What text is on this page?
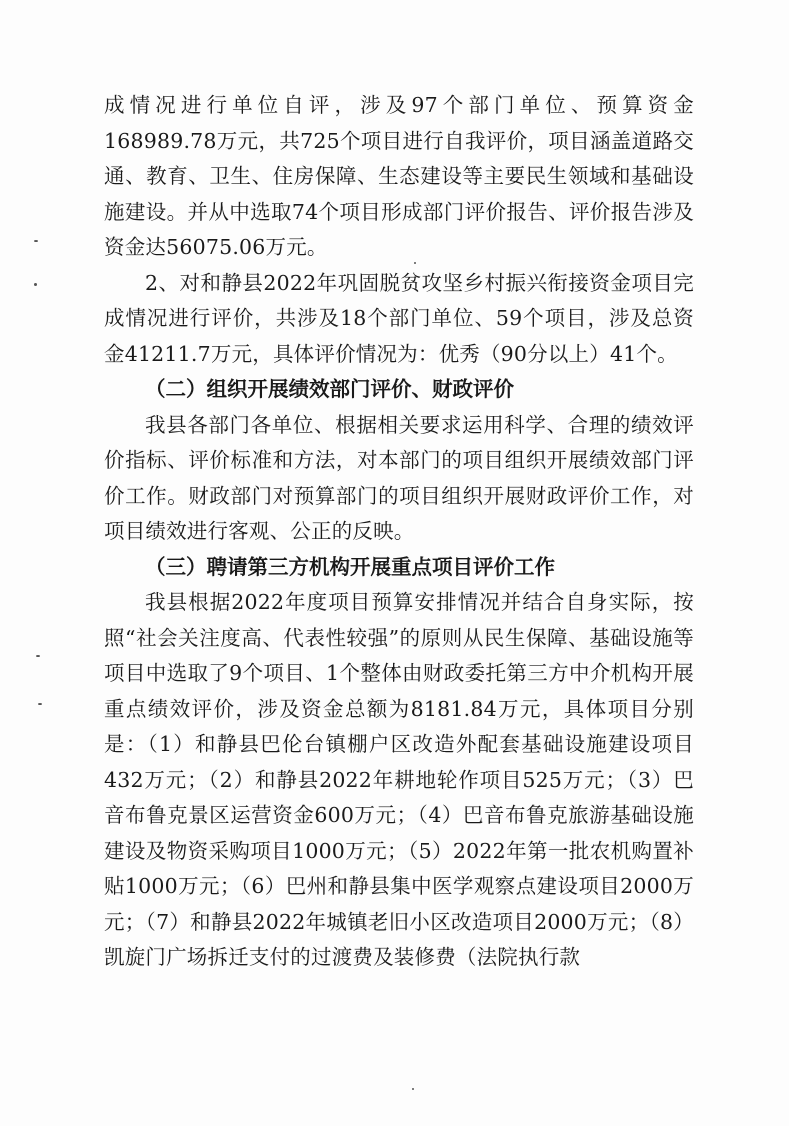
成情况进行单位自评，涉及97个部门单位、预算资金168989.78万元，共725个项目进行自我评价，项目涵盖道路交通、教育、卫生、住房保障、生态建设等主要民生领域和基础设施建设。并从中选取74个项目形成部门评价报告、评价报告涉及资金达56075.06万元。

2、对和静县2022年巩固脱贫攻坚乡村振兴衔接资金项目完成情况进行评价，共涉及18个部门单位、59个项目，涉及总资金41211.7万元，具体评价情况为：优秀（90分以上）41个。

（二）组织开展绩效部门评价、财政评价

我县各部门各单位、根据相关要求运用科学、合理的绩效评价指标、评价标准和方法，对本部门的项目组织开展绩效部门评价工作。财政部门对预算部门的项目组织开展财政评价工作，对项目绩效进行客观、公正的反映。

（三）聘请第三方机构开展重点项目评价工作

我县根据2022年度项目预算安排情况并结合自身实际，按照“社会关注度高、代表性较强”的原则从民生保障、基础设施等项目中选取了9个项目、1个整体由财政委托第三方中介机构开展重点绩效评价，涉及资金总额为8181.84万元，具体项目分别是：（1）和静县巴伦台镇棚户区改造外配套基础设施建设项目432万元；（2）和静县2022年耕地轮作项目525万元；（3）巴音布鲁克景区运营资金600万元；（4）巴音布鲁克旅游基础设施建设及物资采购项目1000万元；（5）2022年第一批农机购置补贴1000万元；（6）巴州和静县集中医学观察点建设项目2000万元；（7）和静县2022年城镇老旧小区改造项目2000万元；（8）凯旋门广场拆迁支付的过渡费及装修费（法院执行款
